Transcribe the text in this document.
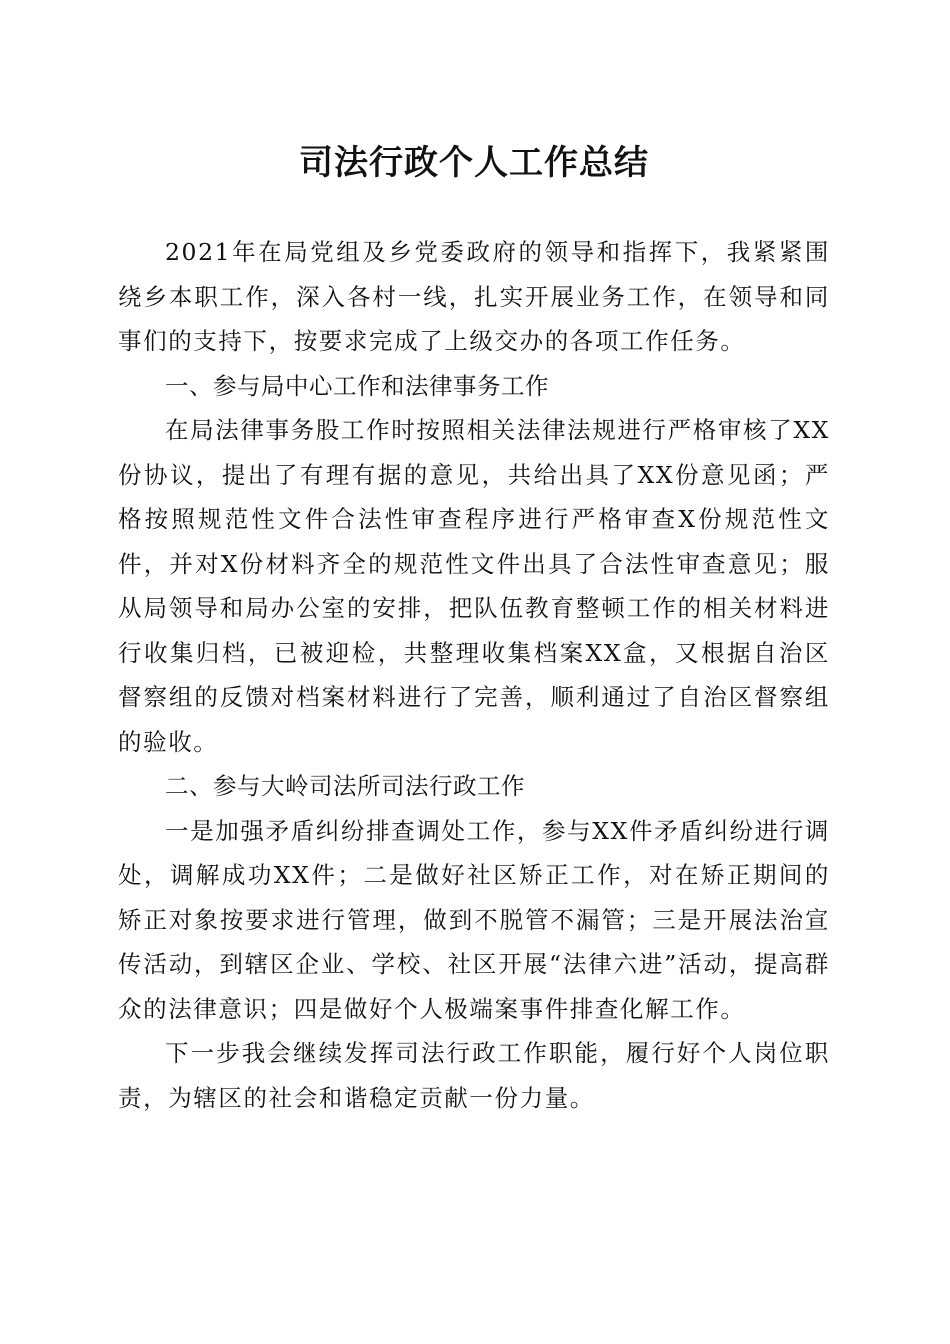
司法行政个人工作总结

2021年在局党组及乡党委政府的领导和指挥下，我紧紧围绕乡本职工作，深入各村一线，扎实开展业务工作，在领导和同事们的支持下，按要求完成了上级交办的各项工作任务。

一、参与局中心工作和法律事务工作

在局法律事务股工作时按照相关法律法规进行严格审核了XX份协议，提出了有理有据的意见，共给出具了XX份意见函；严格按照规范性文件合法性审查程序进行严格审查X份规范性文件，并对X份材料齐全的规范性文件出具了合法性审查意见；服从局领导和局办公室的安排，把队伍教育整顿工作的相关材料进行收集归档，已被迎检，共整理收集档案XX盒，又根据自治区督察组的反馈对档案材料进行了完善，顺利通过了自治区督察组的验收。

二、参与大岭司法所司法行政工作

一是加强矛盾纠纷排查调处工作，参与XX件矛盾纠纷进行调处，调解成功XX件；二是做好社区矫正工作，对在矫正期间的矫正对象按要求进行管理，做到不脱管不漏管；三是开展法治宣传活动，到辖区企业、学校、社区开展“法律六进”活动，提高群众的法律意识；四是做好个人极端案事件排查化解工作。

下一步我会继续发挥司法行政工作职能，履行好个人岗位职责，为辖区的社会和谐稳定贡献一份力量。
